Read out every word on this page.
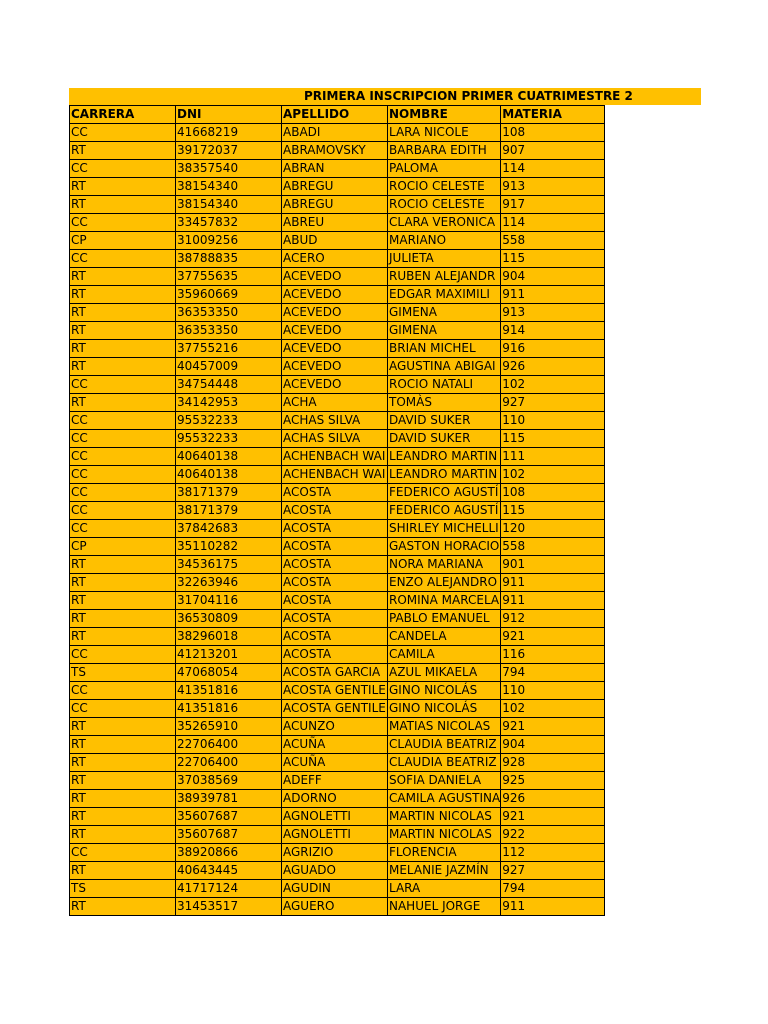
PRIMERA INSCRIPCION PRIMER CUATRIMESTRE 2
CARRERA	DNI	APELLIDO	NOMBRE	MATERIA
CC	41668219	ABADI	LARA NICOLE	108
RT	39172037	ABRAMOVSKY	BARBARA EDITH	907
CC	38357540	ABRAN	PALOMA	114
RT	38154340	ABREGU	ROCIO CELESTE	913
RT	38154340	ABREGU	ROCIO CELESTE	917
CC	33457832	ABREU	CLARA VERONICA	114
CP	31009256	ABUD	MARIANO	558
CC	38788835	ACERO	JULIETA	115
RT	37755635	ACEVEDO	RUBEN ALEJANDR	904
RT	35960669	ACEVEDO	EDGAR MAXIMILI	911
RT	36353350	ACEVEDO	GIMENA	913
RT	36353350	ACEVEDO	GIMENA	914
RT	37755216	ACEVEDO	BRIAN MICHEL	916
RT	40457009	ACEVEDO	AGUSTINA ABIGAI	926
CC	34754448	ACEVEDO	ROCIO NATALI	102
RT	34142953	ACHA	TOMÀS	927
CC	95532233	ACHAS SILVA	DAVID SUKER	110
CC	95532233	ACHAS SILVA	DAVID SUKER	115
CC	40640138	ACHENBACH WAI	LEANDRO MARTIN	111
CC	40640138	ACHENBACH WAI	LEANDRO MARTIN	102
CC	38171379	ACOSTA	FEDERICO AGUSTÍ	108
CC	38171379	ACOSTA	FEDERICO AGUSTÍ	115
CC	37842683	ACOSTA	SHIRLEY MICHELLI	120
CP	35110282	ACOSTA	GASTON HORACIO	558
RT	34536175	ACOSTA	NORA MARIANA	901
RT	32263946	ACOSTA	ENZO ALEJANDRO	911
RT	31704116	ACOSTA	ROMINA MARCELA	911
RT	36530809	ACOSTA	PABLO EMANUEL	912
RT	38296018	ACOSTA	CANDELA	921
CC	41213201	ACOSTA	CAMILA	116
TS	47068054	ACOSTA GARCIA	AZUL MIKAELA	794
CC	41351816	ACOSTA GENTILE	GINO NICOLÁS	110
CC	41351816	ACOSTA GENTILE	GINO NICOLÁS	102
RT	35265910	ACUNZO	MATIAS NICOLAS	921
RT	22706400	ACUÑA	CLAUDIA BEATRIZ	904
RT	22706400	ACUÑA	CLAUDIA BEATRIZ	928
RT	37038569	ADEFF	SOFIA DANIELA	925
RT	38939781	ADORNO	CAMILA AGUSTINA	926
RT	35607687	AGNOLETTI	MARTIN NICOLAS	921
RT	35607687	AGNOLETTI	MARTIN NICOLAS	922
CC	38920866	AGRIZIO	FLORENCIA	112
RT	40643445	AGUADO	MELANIE JAZMÍN	927
TS	41717124	AGUDIN	LARA	794
RT	31453517	AGUERO	NAHUEL JORGE	911
